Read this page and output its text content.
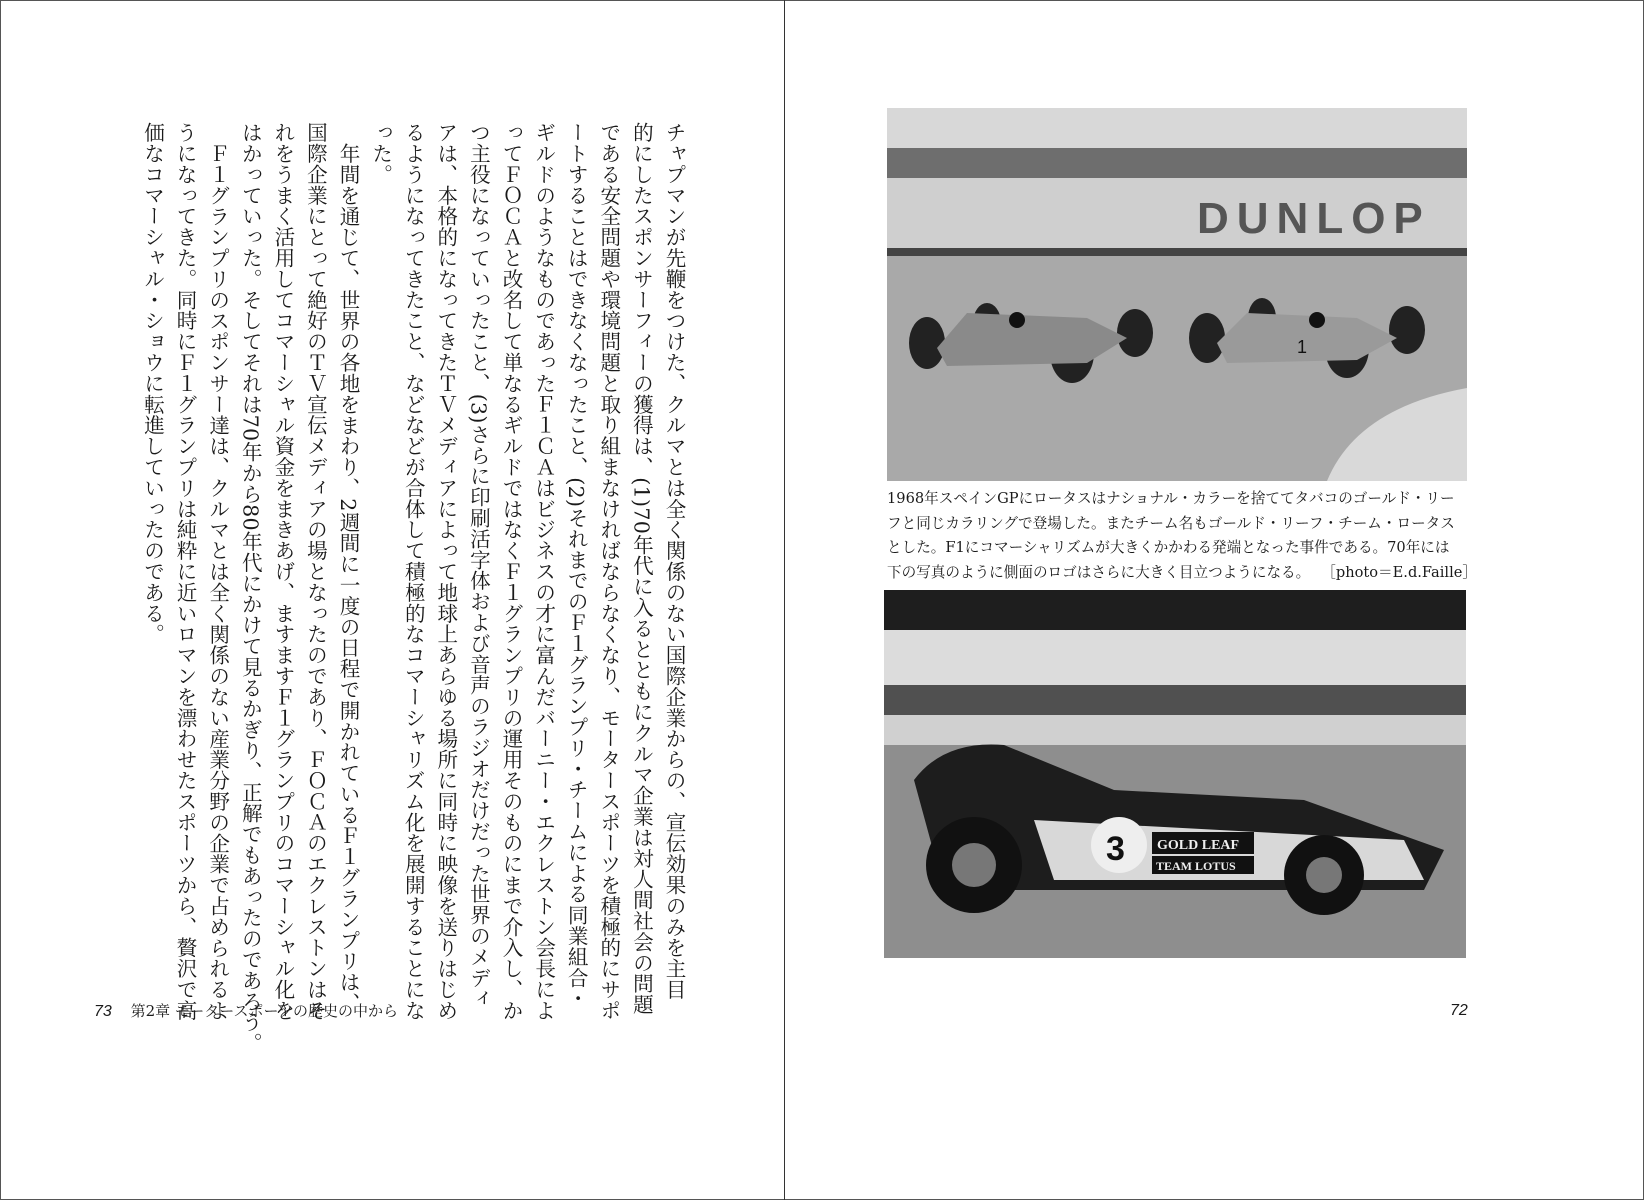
チャプマンが先鞭をつけた、クルマとは全く関係のない国際企業からの、宣伝効果のみを主目
的にしたスポンサーフィーの獲得は、(1)70年代に入るとともにクルマ企業は対人間社会の問題
である安全問題や環境問題と取り組まなければならなくなり、モータースポーツを積極的にサポ
ートすることはできなくなったこと、(2)それまでのＦ１グランプリ・チームによる同業組合・
ギルドのようなものであったＦ１ＣＡはビジネスの才に富んだバーニー・エクレストン会長によ
ってＦＯＣＡと改名して単なるギルドではなくＦ１グランプリの運用そのものにまで介入し、か
つ主役になっていったこと、(3)さらに印刷活字体および音声のラジオだけだった世界のメディ
アは、本格的になってきたＴＶメディアによって地球上あらゆる場所に同時に映像を送りはじめ
るようになってきたこと、などなどが合体して積極的なコマーシャリズム化を展開することにな
った。
年間を通じて、世界の各地をまわり、2週間に一度の日程で開かれているＦ１グランプリは、
国際企業にとって絶好のＴＶ宣伝メディアの場となったのであり、ＦＯＣＡのエクレストンはそ
れをうまく活用してコマーシャル資金をまきあげ、ますますＦ１グランプリのコマーシャル化を
はかっていった。そしてそれは70年から80年代にかけて見るかぎり、正解でもあったのであろう。
Ｆ１グランプリのスポンサー達は、クルマとは全く関係のない産業分野の企業で占められるよ
うになってきた。同時にＦ１グランプリは純粋に近いロマンを漂わせたスポーツから、贅沢で高
価なコマーシャル・ショウに転進していったのである。
73 第2章 モータースポーツの歴史の中から
DUNLOP
1
1968年スペインGPにロータスはナショナル・カラーを捨ててタバコのゴールド・リー
フと同じカラリングで登場した。またチーム名もゴールド・リーフ・チーム・ロータス
とした。F1にコマーシャリズムが大きくかかわる発端となった事件である。70年には
下の写真のように側面のロゴはさらに大きく目立つようになる。 ［photo＝E.d.Faille］
3 GOLD LEAF
TEAM LOTUS
72
